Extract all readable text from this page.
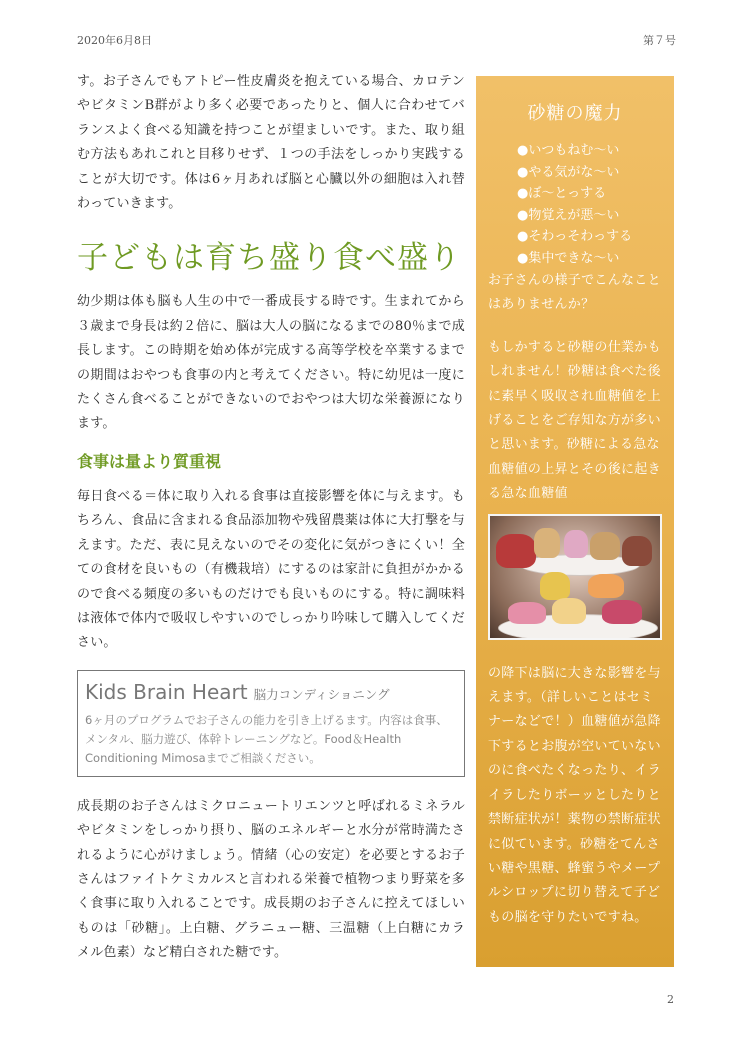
2020年6月8日	第７号

す。お子さんでもアトピー性皮膚炎を抱えている場合、カロテンやビタミンB群がより多く必要であったりと、個人に合わせてバランスよく食べる知識を持つことが望ましいです。また、取り組む方法もあれこれと目移りせず、１つの手法をしっかり実践することが大切です。体は6ヶ月あれば脳と心臓以外の細胞は入れ替わっていきます。

子どもは育ち盛り食べ盛り

幼少期は体も脳も人生の中で一番成長する時です。生まれてから３歳まで身長は約２倍に、脳は大人の脳になるまでの80％まで成長します。この時期を始め体が完成する高等学校を卒業するまでの期間はおやつも食事の内と考えてください。特に幼児は一度にたくさん食べることができないのでおやつは大切な栄養源になります。

食事は量より質重視

毎日食べる＝体に取り入れる食事は直接影響を体に与えます。もちろん、食品に含まれる食品添加物や残留農薬は体に大打撃を与えます。ただ、表に見えないのでその変化に気がつきにくい！全ての食材を良いもの（有機栽培）にするのは家計に負担がかかるので食べる頻度の多いものだけでも良いものにする。特に調味料は液体で体内で吸収しやすいのでしっかり吟味して購入してください。

Kids Brain Heart 脳力コンディショニング
6ヶ月のプログラムでお子さんの能力を引き上げるます。内容は食事、メンタル、脳力遊び、体幹トレーニングなど。Food＆Health Conditioning Mimosaまでご相談ください。

成長期のお子さんはミクロニュートリエンツと呼ばれるミネラルやビタミンをしっかり摂り、脳のエネルギーと水分が常時満たされるように心がけましょう。情緒（心の安定）を必要とするお子さんはファイトケミカルスと言われる栄養で植物つまり野菜を多く食事に取り入れることです。成長期のお子さんに控えてほしいものは「砂糖」。上白糖、グラニュー糖、三温糖（上白糖にカラメル色素）など精白された糖です。

砂糖の魔力
●いつもねむ〜い
●やる気がな〜い
●ぼ〜とっする
●物覚えが悪〜い
●そわっそわっする
●集中できな〜い

お子さんの様子でこんなことはありませんか？

もしかすると砂糖の仕業かもしれません！砂糖は食べた後に素早く吸収され血糖値を上げることをご存知な方が多いと思います。砂糖による急な血糖値の上昇とその後に起きる急な血糖値

の降下は脳に大きな影響を与えます。（詳しいことはセミナーなどで！）血糖値が急降下するとお腹が空いていないのに食べたくなったり、イライラしたりボーッとしたりと禁断症状が！薬物の禁断症状に似ています。砂糖をてんさい糖や黒糖、蜂蜜うやメープルシロップに切り替えて子どもの脳を守りたいですね。

2
